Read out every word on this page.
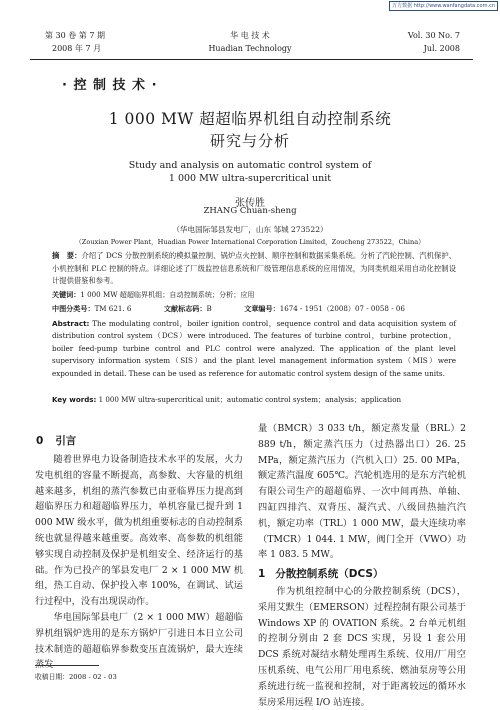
万方数据 http://www.wanfangdata.com.cn
第 30 卷 第 7 期
2008 年 7 月
华 电 技 术
Huadian Technology
Vol. 30 No. 7
Jul. 2008
· 控 制 技 术 ·
1 000 MW 超超临界机组自动控制系统
研究与分析
Study and analysis on automatic control system of
1 000 MW ultra-supercritical unit
张传胜
ZHANG Chuan-sheng
（华电国际邹县发电厂，山东 邹城 273522）
（Zouxian Power Plant，Huadian Power International Corporation Limited，Zoucheng 273522，China）

摘　要：介绍了 DCS 分散控制系统的模拟量控制、锅炉点火控制、顺序控制和数据采集系统。分析了汽轮控制、汽机保护、小机控制和 PLC 控制的特点。详细论述了厂级监控信息系统和厂级管理信息系统的应用情况，为同类机组采用自动化控制设计提供借鉴和参考。

关键词：1 000 MW 超超临界机组；自动控制系统；分析；应用
中图分类号：TM 621. 6	文献标志码：B	文章编号：1674 - 1951（2008）07 - 0058 - 06

Abstract: The modulating control，boiler ignition control，sequence control and data acquisition system of distribution control system（DCS）were introduced. The features of turbine control，turbine protection，boiler feed-pump turbine control and PLC control were analyzed. The application of the plant level supervisory information system（SIS）and the plant level management information system（MIS）were expounded in detail. These can be used as reference for automatic control system design of the same units.

Key words: 1 000 MW ultra-supercritical unit；automatic control system；analysis；application
0 引言

随着世界电力设备制造技术水平的发展，火力发电机组的容量不断提高，高参数、大容量的机组越来越多，机组的蒸汽参数已由亚临界压力提高到超临界压力和超超临界压力，单机容量已提升到 1 000 MW 级水平，做为机组重要标志的自动控制系统也就显得越来越重要。高效率、高参数的机组能够实现自动控制及保护是机组安全、经济运行的基础。作为已投产的邹县发电厂 2 × 1 000 MW 机组，热工自动、保护投入率 100%，在调试、试运行过程中，没有出现误动作。

华电国际邹县电厂（2 × 1 000 MW）超超临界机组锅炉选用的是东方锅炉厂引进日本日立公司技术制造的超超临界参数变压直流锅炉，最大连续蒸发

收稿日期：2008 - 02 - 03

量（BMCR）3 033 t/h，额定蒸发量（BRL）2 889 t/h，额定蒸汽压力（过热器出口）26. 25 MPa，额定蒸汽压力（汽机入口）25. 00 MPa，额定蒸汽温度 605℃。汽轮机选用的是东方汽轮机有限公司生产的超超临界、一次中间再热、单轴、四缸四排汽、双背压、凝汽式、八级回热抽汽汽机，额定功率（TRL）1 000 MW，最大连续功率（TMCR）1 044. 1 MW，阀门全开（VWO）功率 1 083. 5 MW。

1 分散控制系统（DCS）

作为机组控制中心的分散控制系统（DCS），采用艾默生（EMERSON）过程控制有限公司基于 Windows XP 的 OVATION 系统。2 台单元机组的控制分别由 2 套 DCS 实现，另设 1 套公用 DCS 系统对凝结水精处理再生系统、仪用/厂用空压机系统、电气公用厂用电系统、燃油泵房等公用系统进行统一监视和控制，对于距离较远的循环水泵房采用远程 I/O 站连接。
